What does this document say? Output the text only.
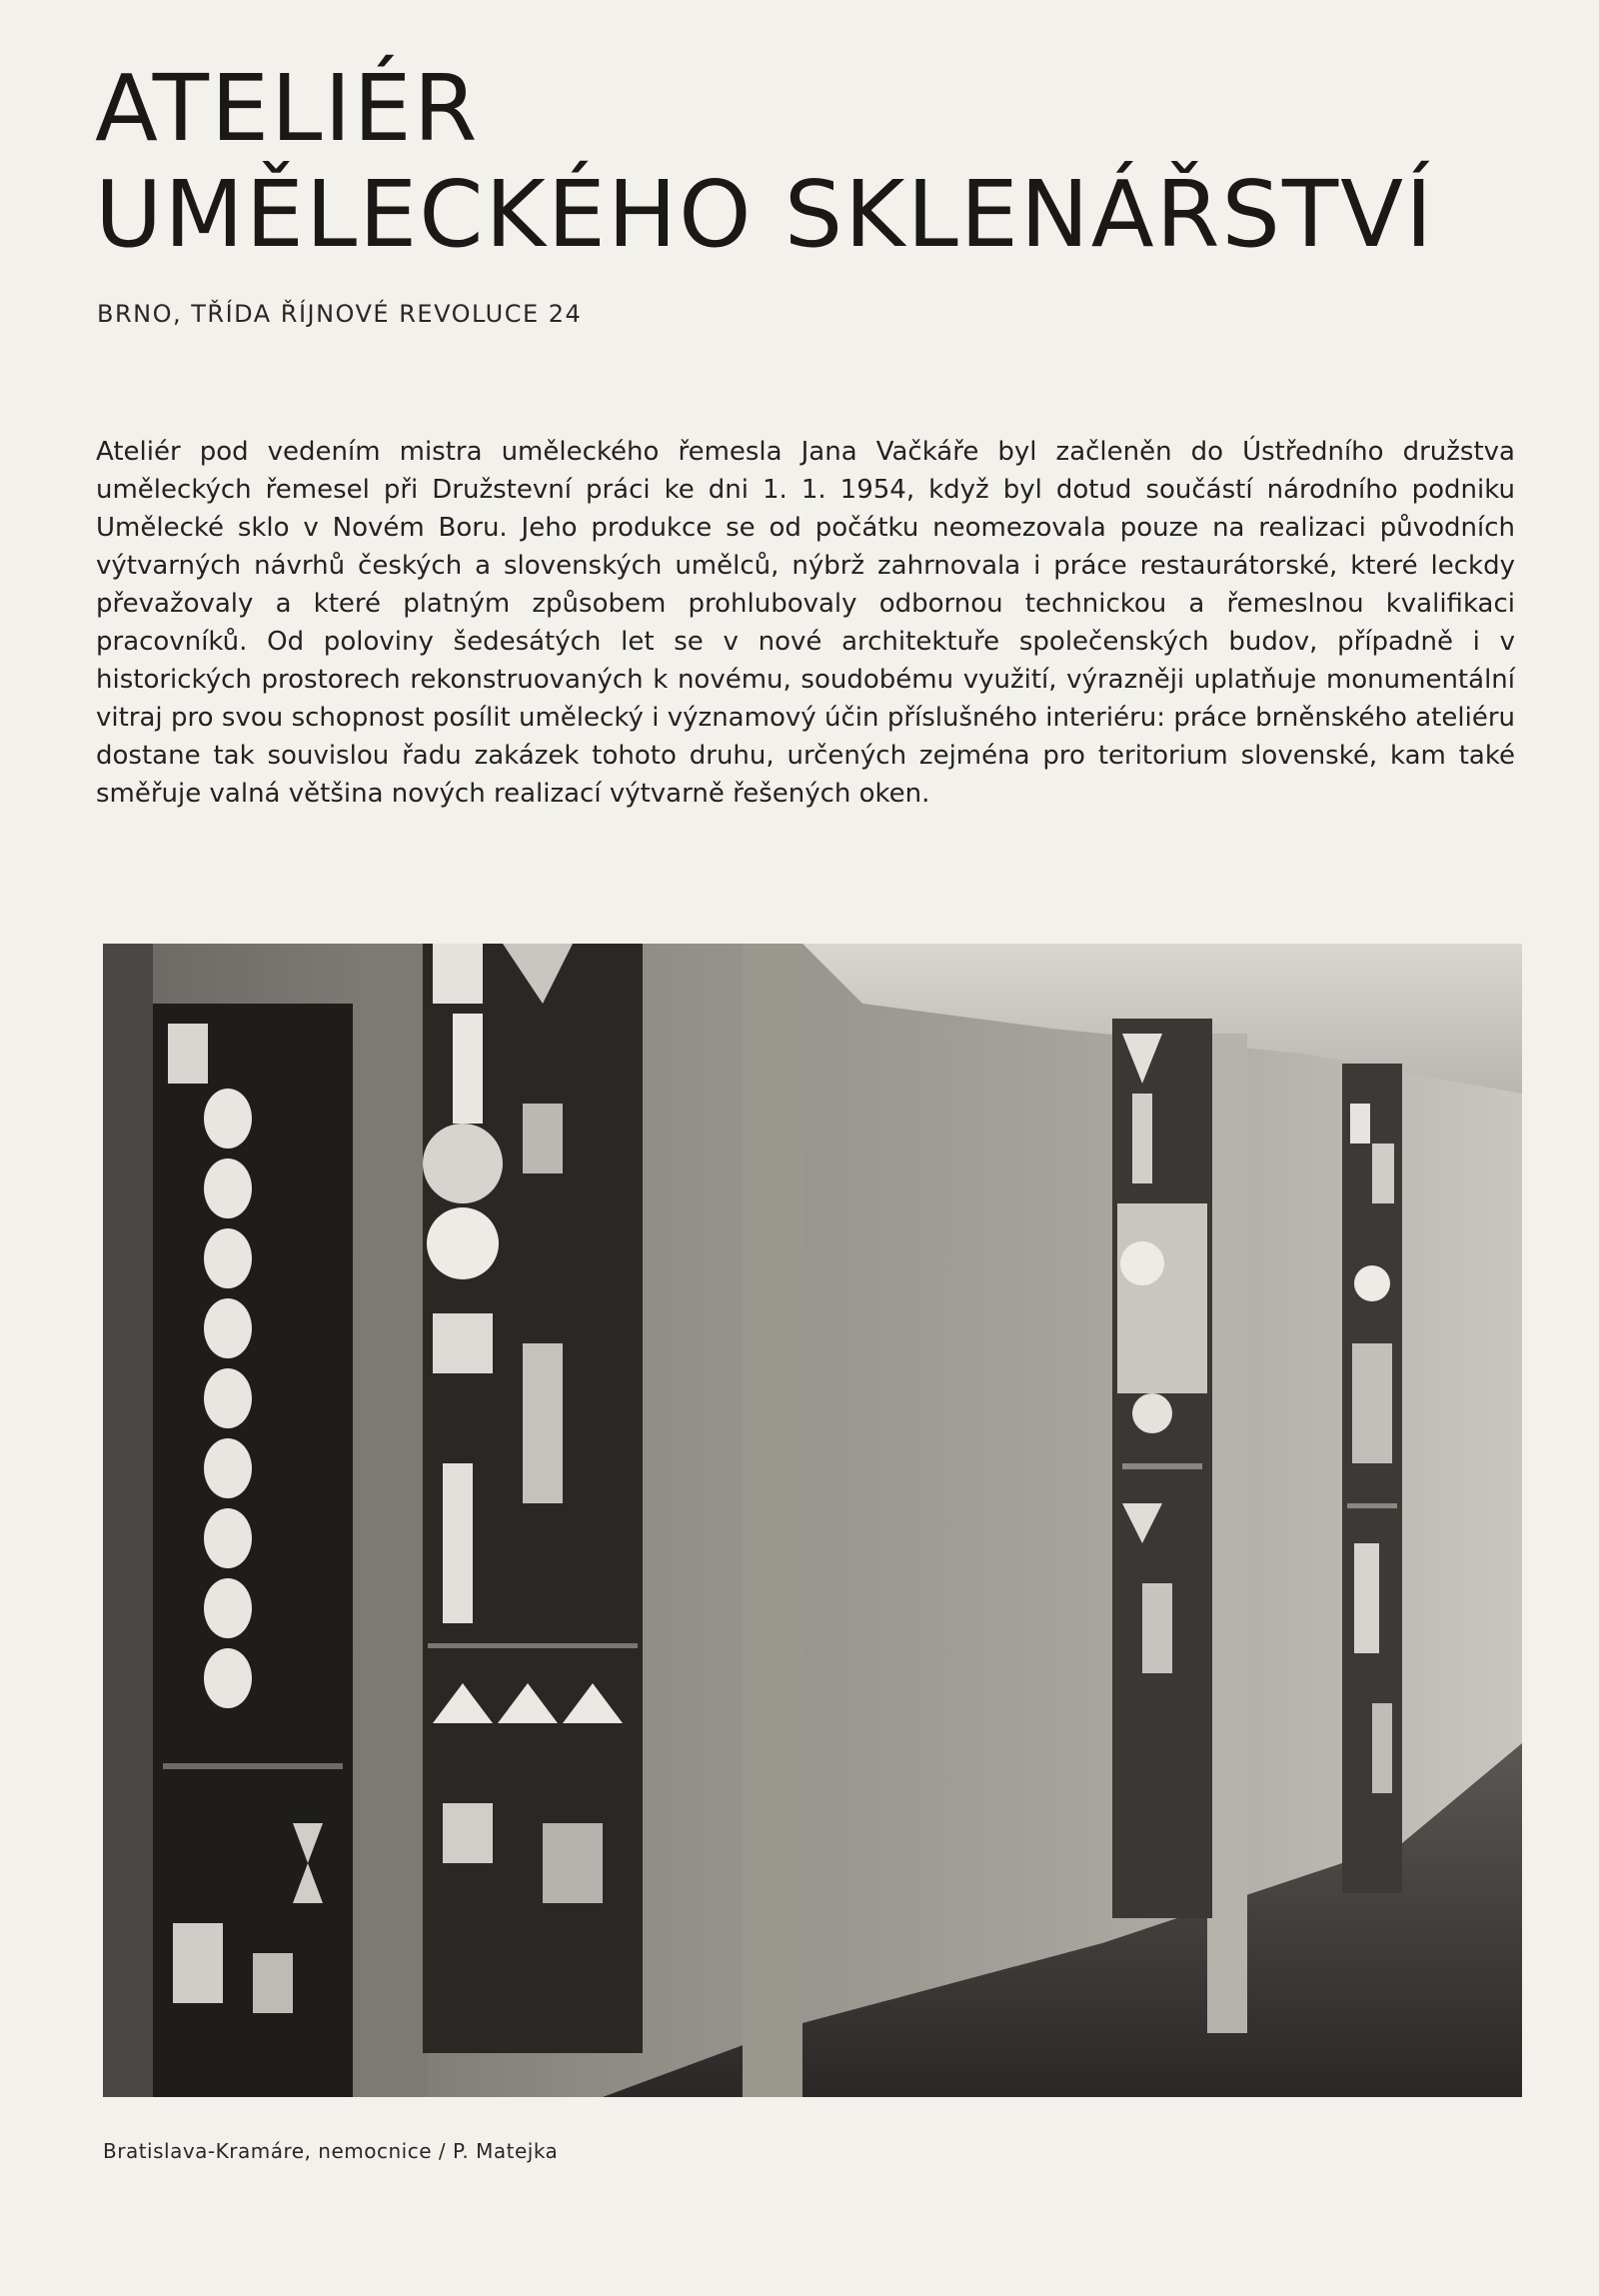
ATELIÉR
UMĚLECKÉHO SKLENÁŘSTVÍ
BRNO, TŘÍDA ŘÍJNOVÉ REVOLUCE 24

Ateliér pod vedením mistra uměleckého řemesla Jana Vačkáře byl začleněn do Ústředního družstva uměleckých řemesel při Družstevní práci ke dni 1. 1. 1954, když byl dotud součástí národního podniku Umělecké sklo v Novém Boru. Jeho produkce se od počátku neomezovala pouze na realizaci původních výtvarných návrhů českých a slovenských umělců, nýbrž zahrnovala i práce restaurátorské, které leckdy převažovaly a které platným způsobem prohlubovaly odbornou technickou a řemeslnou kvalifikaci pracovníků. Od poloviny šedesátých let se v nové architektuře společenských budov, případně i v historických prostorech rekonstruovaných k novému, soudobému využití, výrazněji uplatňuje monumentální vitraj pro svou schopnost posílit umělecký i významový účin příslušného interiéru: práce brněnského ateliéru dostane tak souvislou řadu zakázek tohoto druhu, určených zejména pro teritorium slovenské, kam také směřuje valná většina nových realizací výtvarně řešených oken.

Bratislava-Kramáre, nemocnice / P. Matejka
